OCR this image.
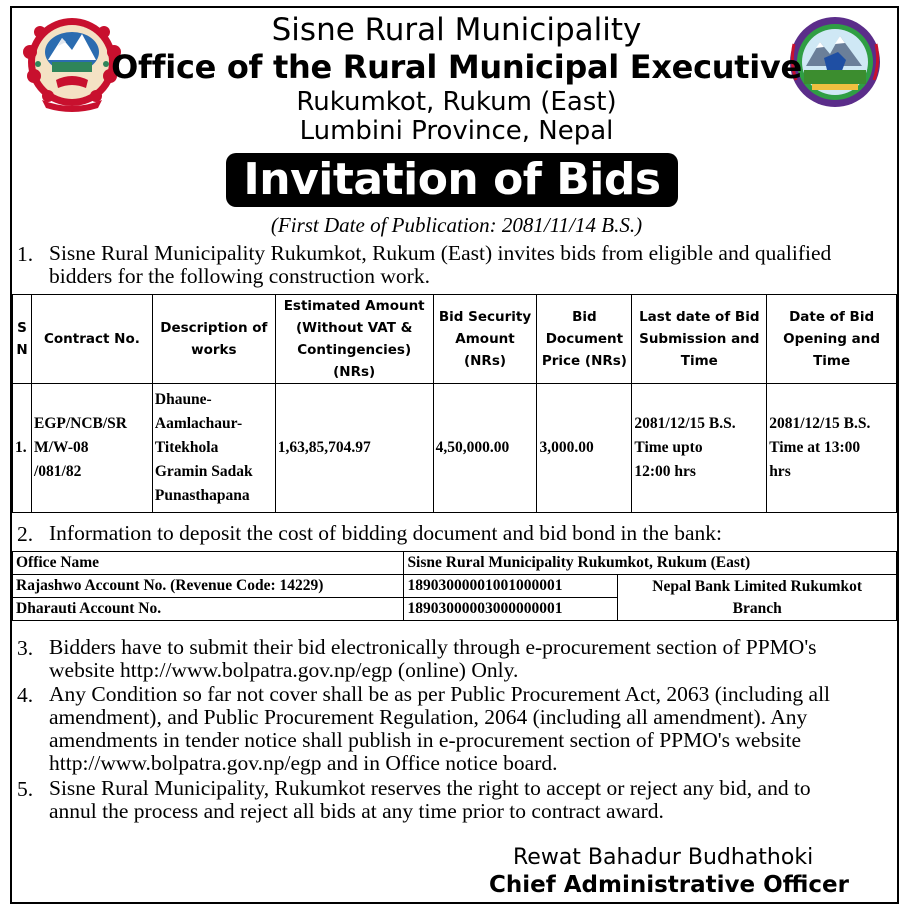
Sisne Rural Municipality
Office of the Rural Municipal Executive
Rukumkot, Rukum (East)
Lumbini Province, Nepal
Invitation of Bids
(First Date of Publication: 2081/11/14 B.S.)
1. Sisne Rural Municipality Rukumkot, Rukum (East) invites bids from eligible and qualified
bidders for the following construction work.
S
N	Contract No.	Description of
works	Estimated Amount
(Without VAT &
Contingencies)
(NRs)	Bid Security
Amount
(NRs)	Bid
Document
Price (NRs)	Last date of Bid
Submission and
Time	Date of Bid
Opening and
Time
1.	EGP/NCB/SR
M/W-08
/081/82	Dhaune-
Aamlachaur-
Titekhola
Gramin Sadak
Punasthapana	1,63,85,704.97	4,50,000.00	3,000.00	2081/12/15 B.S.
Time upto
12:00 hrs	2081/12/15 B.S.
Time at 13:00
hrs
2. Information to deposit the cost of bidding document and bid bond in the bank:
Office Name	Sisne Rural Municipality Rukumkot, Rukum (East)	
Rajashwo Account No. (Revenue Code: 14229)	18903000001001000001	Nepal Bank Limited Rukumkot
Branch
Dharauti Account No.	18903000003000000001	
3. Bidders have to submit their bid electronically through e-procurement section of PPMO's
website http://www.bolpatra.gov.np/egp (online) Only.
4. Any Condition so far not cover shall be as per Public Procurement Act, 2063 (including all
amendment), and Public Procurement Regulation, 2064 (including all amendment). Any
amendments in tender notice shall publish in e-procurement section of PPMO's website
http://www.bolpatra.gov.np/egp and in Office notice board.
5. Sisne Rural Municipality, Rukumkot reserves the right to accept or reject any bid, and to
annul the process and reject all bids at any time prior to contract award.
Rewat Bahadur Budhathoki
Chief Administrative Officer
